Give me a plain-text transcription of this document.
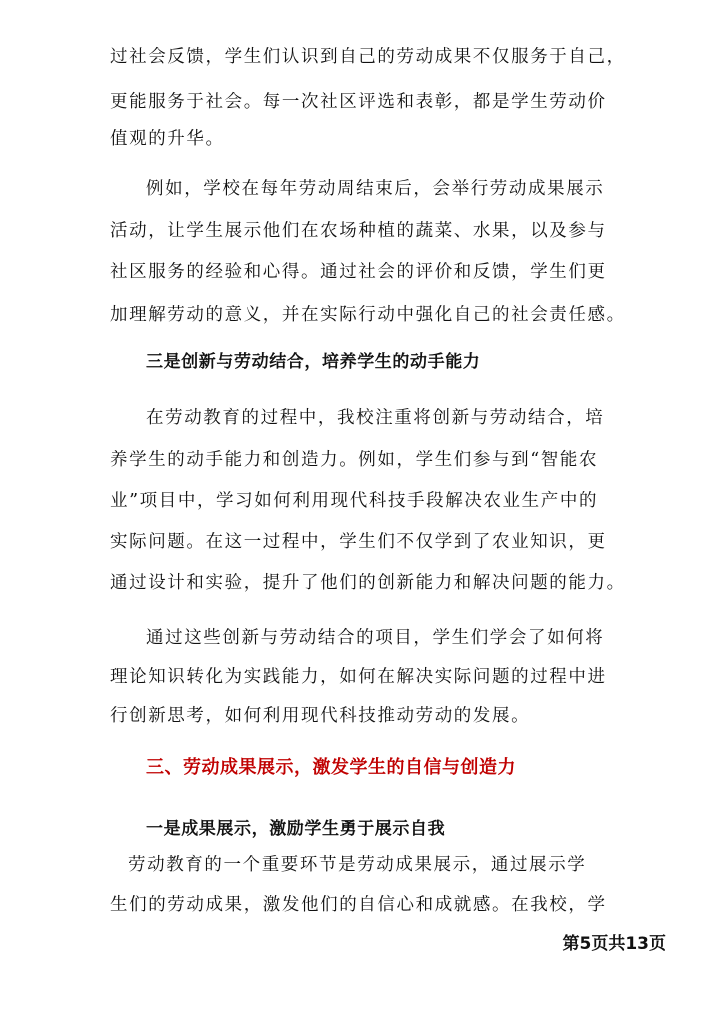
过社会反馈，学生们认识到自己的劳动成果不仅服务于自己，
更能服务于社会。每一次社区评选和表彰，都是学生劳动价
值观的升华。
例如，学校在每年劳动周结束后，会举行劳动成果展示
活动，让学生展示他们在农场种植的蔬菜、水果，以及参与
社区服务的经验和心得。通过社会的评价和反馈，学生们更
加理解劳动的意义，并在实际行动中强化自己的社会责任感。
三是创新与劳动结合，培养学生的动手能力
在劳动教育的过程中，我校注重将创新与劳动结合，培
养学生的动手能力和创造力。例如，学生们参与到“智能农
业”项目中，学习如何利用现代科技手段解决农业生产中的
实际问题。在这一过程中，学生们不仅学到了农业知识，更
通过设计和实验，提升了他们的创新能力和解决问题的能力。
通过这些创新与劳动结合的项目，学生们学会了如何将
理论知识转化为实践能力，如何在解决实际问题的过程中进
行创新思考，如何利用现代科技推动劳动的发展。
三、劳动成果展示，激发学生的自信与创造力
一是成果展示，激励学生勇于展示自我
劳动教育的一个重要环节是劳动成果展示，通过展示学
生们的劳动成果，激发他们的自信心和成就感。在我校，学
第5页共13页
